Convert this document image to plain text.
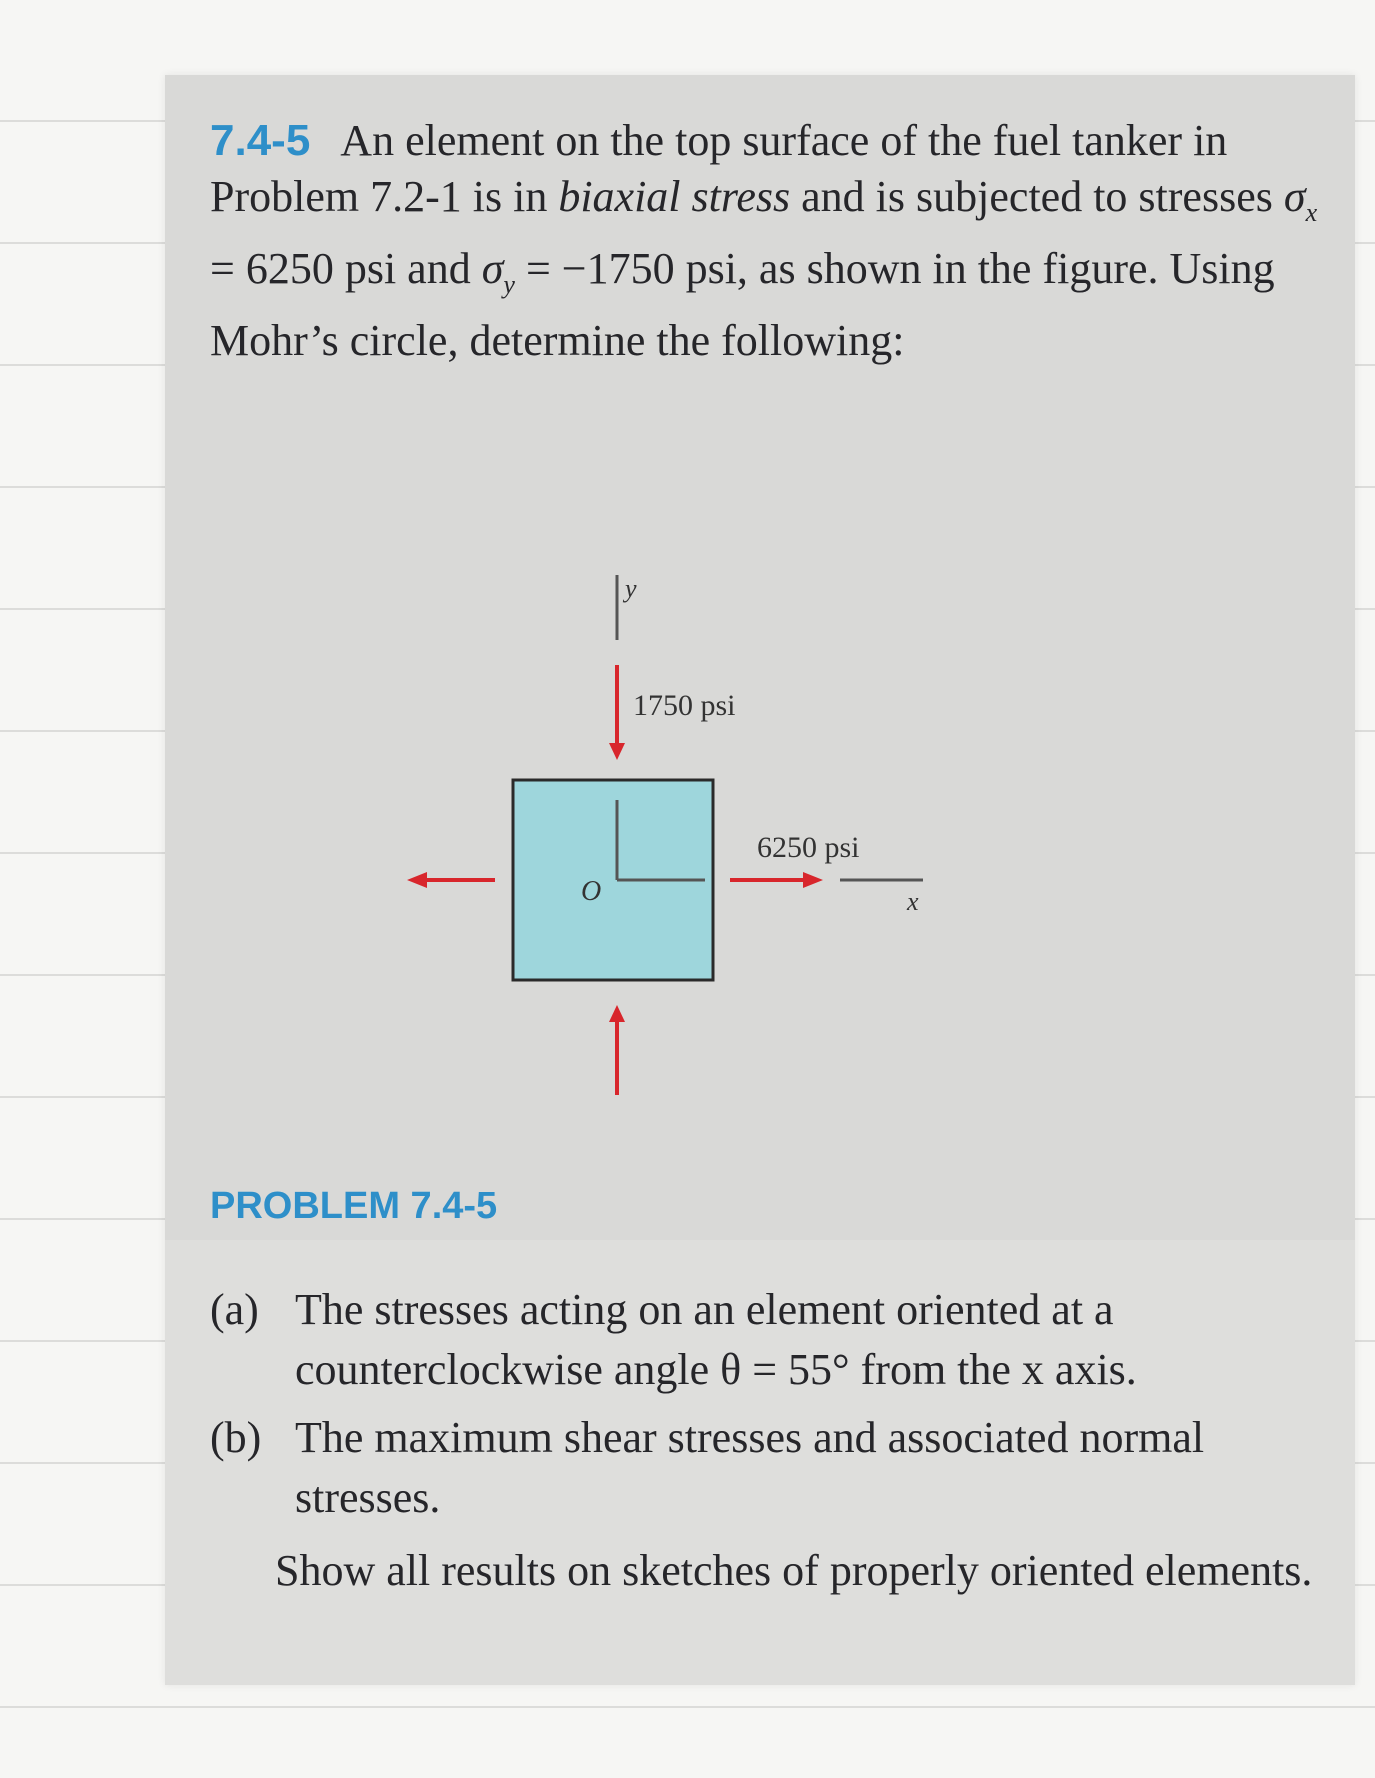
7.4-5 An element on the top surface of the fuel tanker in Problem 7.2-1 is in biaxial stress and is subjected to stresses $\sigma_x = 6250$ psi and $\sigma_y = -1750$ psi, as shown in the figure. Using Mohr’s circle, determine the following:
y
1750 psi
O
6250 psi
x
PROBLEM 7.4-5
(a) The stresses acting on an element oriented at a counterclockwise angle θ = 55° from the x axis.
(b) The maximum shear stresses and associated normal stresses.
Show all results on sketches of properly oriented elements.
